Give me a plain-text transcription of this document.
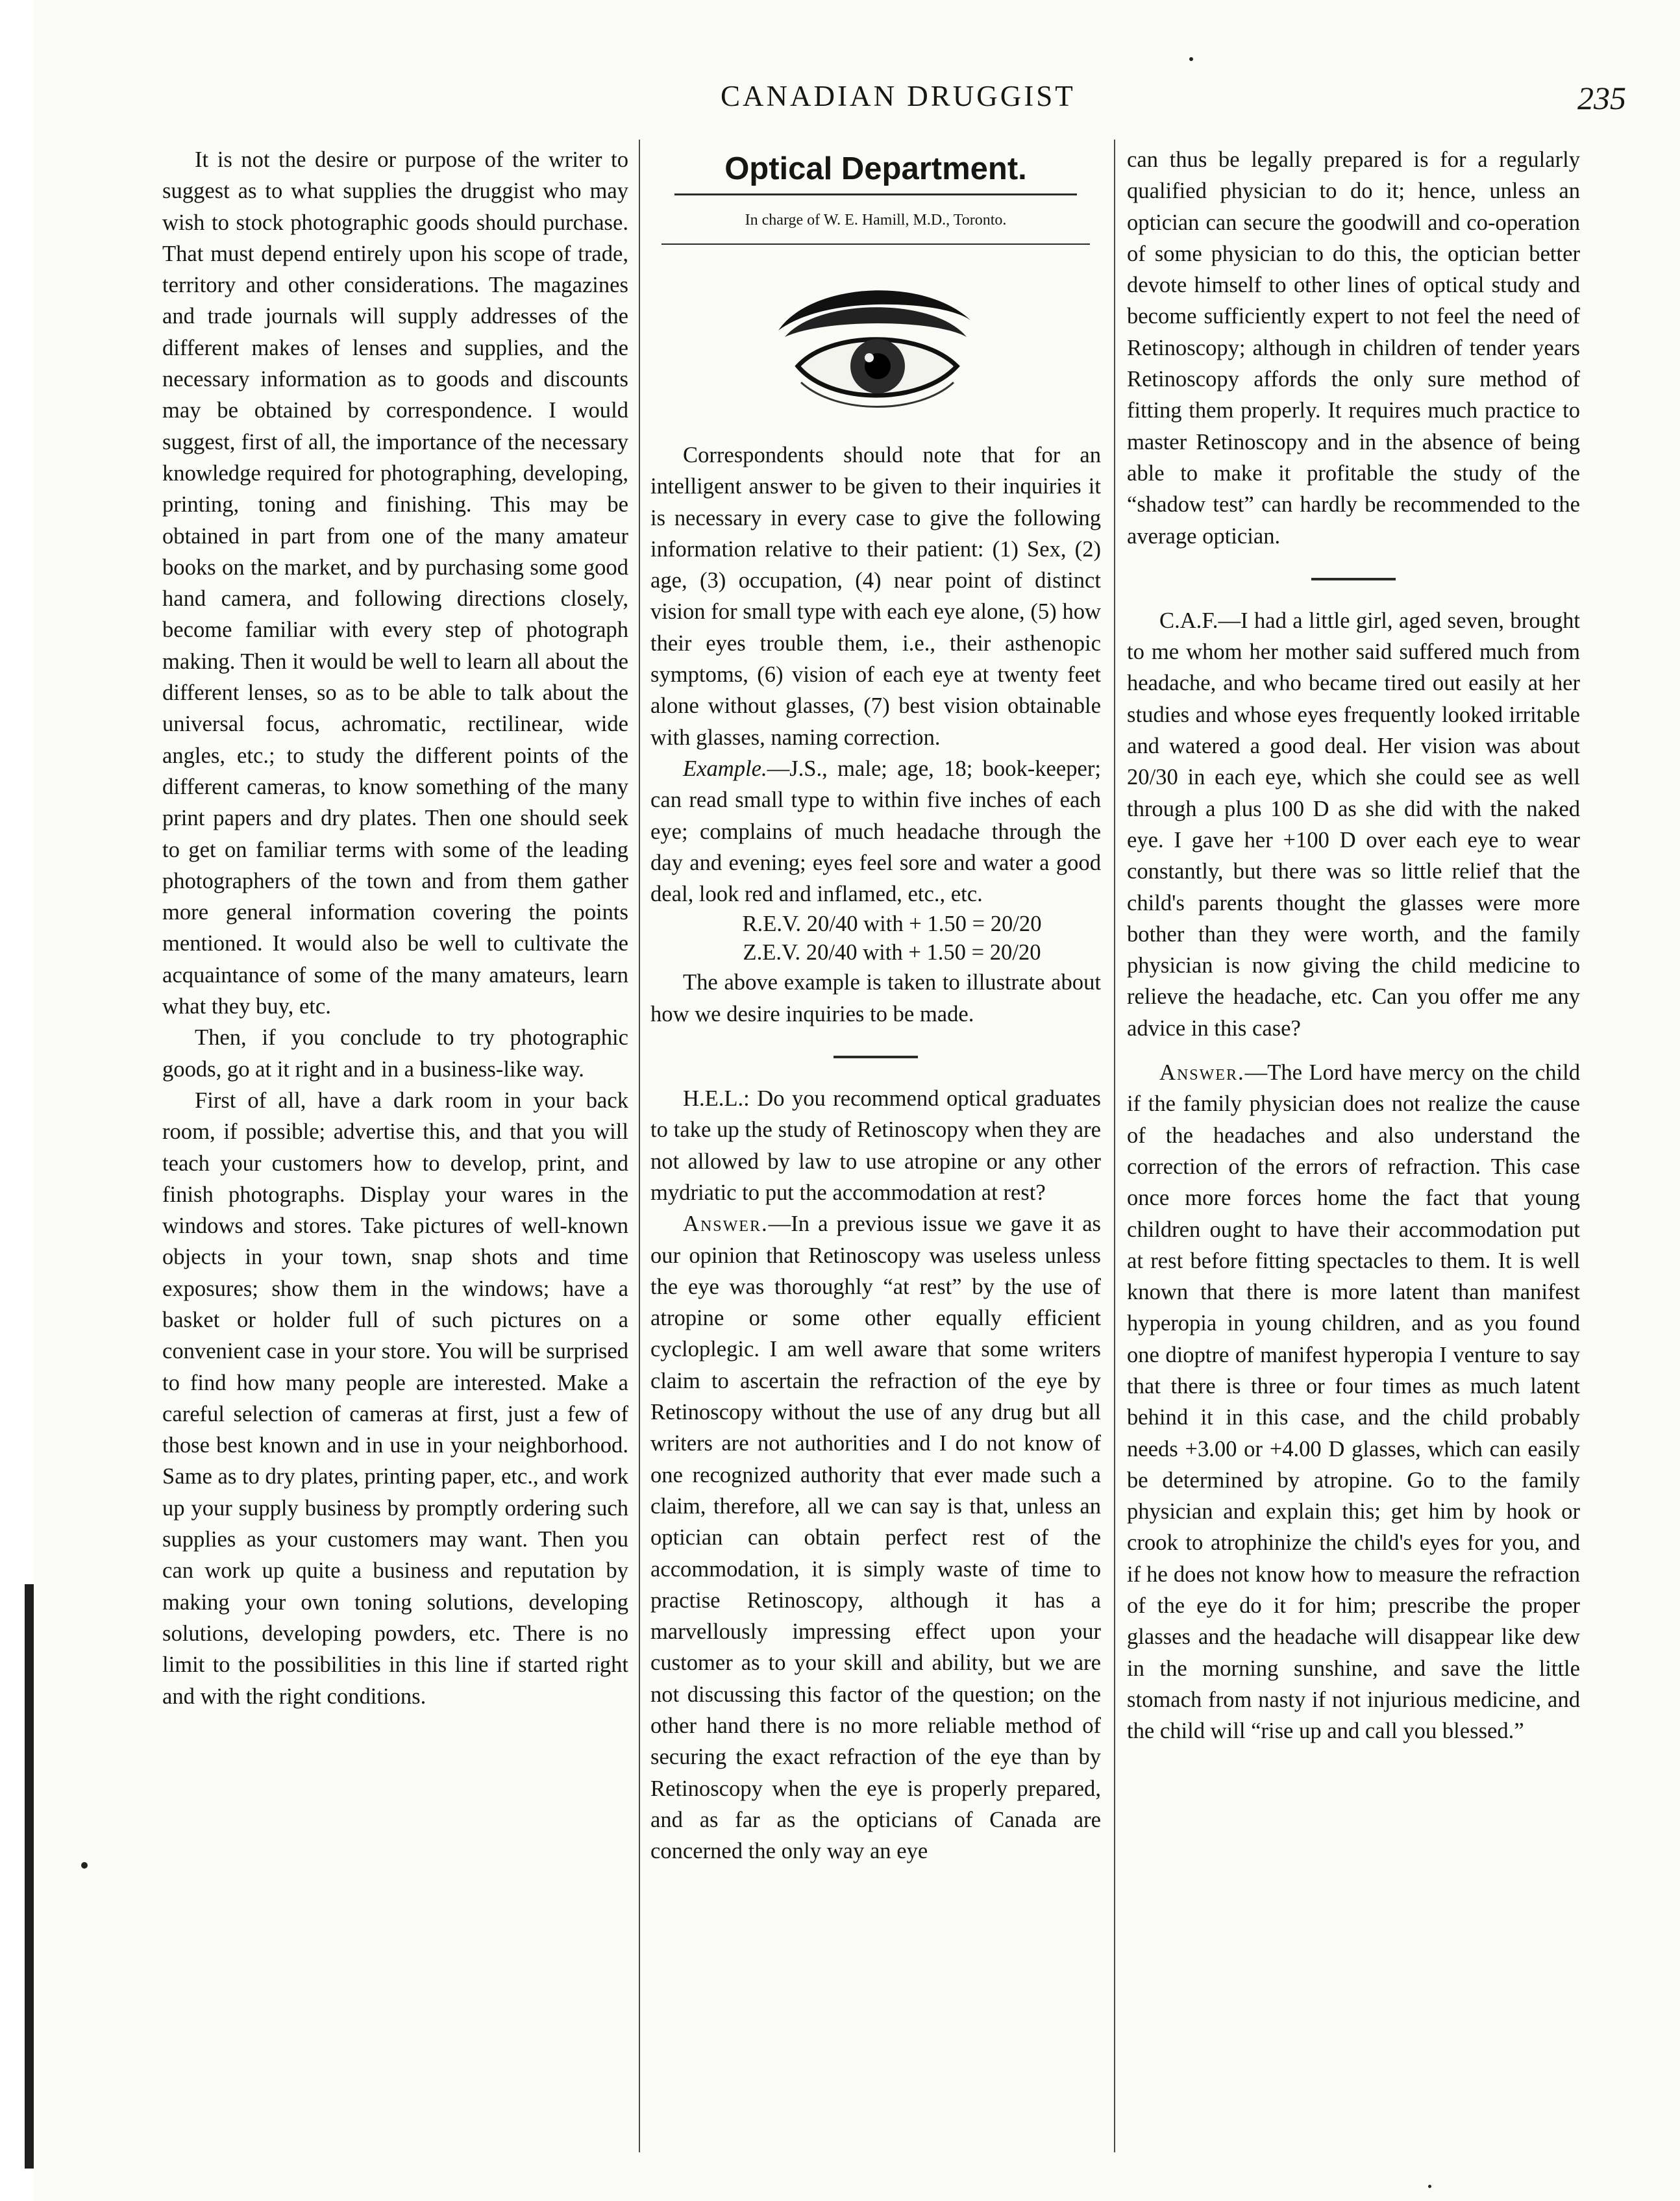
CANADIAN DRUGGIST	235

It is not the desire or purpose of the writer to suggest as to what supplies the druggist who may wish to stock photographic goods should purchase. That must depend entirely upon his scope of trade, territory and other considerations. The magazines and trade journals will supply addresses of the different makes of lenses and supplies, and the necessary information as to goods and discounts may be obtained by correspondence. I would suggest, first of all, the importance of the necessary knowledge required for photographing, developing, printing, toning and finishing. This may be obtained in part from one of the many amateur books on the market, and by purchasing some good hand camera, and following directions closely, become familiar with every step of photograph making. Then it would be well to learn all about the different lenses, so as to be able to talk about the universal focus, achromatic, rectilinear, wide angles, etc.; to study the different points of the different cameras, to know something of the many print papers and dry plates. Then one should seek to get on familiar terms with some of the leading photographers of the town and from them gather more general information covering the points mentioned. It would also be well to cultivate the acquaintance of some of the many amateurs, learn what they buy, etc.

Then, if you conclude to try photographic goods, go at it right and in a business-like way.

First of all, have a dark room in your back room, if possible; advertise this, and that you will teach your customers how to develop, print, and finish photographs. Display your wares in the windows and stores. Take pictures of well-known objects in your town, snap shots and time exposures; show them in the windows; have a basket or holder full of such pictures on a convenient case in your store. You will be surprised to find how many people are interested. Make a careful selection of cameras at first, just a few of those best known and in use in your neighborhood. Same as to dry plates, printing paper, etc., and work up your supply business by promptly ordering such supplies as your customers may want. Then you can work up quite a business and reputation by making your own toning solutions, developing solutions, developing powders, etc. There is no limit to the possibilities in this line if started right and with the right conditions.

Optical Department.
In charge of W. E. Hamill, M.D., Toronto.

Correspondents should note that for an intelligent answer to be given to their inquiries it is necessary in every case to give the following information relative to their patient: (1) Sex, (2) age, (3) occupation, (4) near point of distinct vision for small type with each eye alone, (5) how their eyes trouble them, i.e., their asthenopic symptoms, (6) vision of each eye at twenty feet alone without glasses, (7) best vision obtainable with glasses, naming correction.

Example.—J.S., male; age, 18; book-keeper; can read small type to within five inches of each eye; complains of much headache through the day and evening; eyes feel sore and water a good deal, look red and inflamed, etc., etc.

R.E.V. 20/40 with + 1.50 = 20/20

Z.E.V. 20/40 with + 1.50 = 20/20

The above example is taken to illustrate about how we desire inquiries to be made.

H.E.L.: Do you recommend optical graduates to take up the study of Retinoscopy when they are not allowed by law to use atropine or any other mydriatic to put the accommodation at rest?

Answer.—In a previous issue we gave it as our opinion that Retinoscopy was useless unless the eye was thoroughly “at rest” by the use of atropine or some other equally efficient cycloplegic. I am well aware that some writers claim to ascertain the refraction of the eye by Retinoscopy without the use of any drug but all writers are not authorities and I do not know of one recognized authority that ever made such a claim, therefore, all we can say is that, unless an optician can obtain perfect rest of the accommodation, it is simply waste of time to practise Retinoscopy, although it has a marvellously impressing effect upon your customer as to your skill and ability, but we are not discussing this factor of the question; on the other hand there is no more reliable method of securing the exact refraction of the eye than by Retinoscopy when the eye is properly prepared, and as far as the opticians of Canada are concerned the only way an eye

can thus be legally prepared is for a regularly qualified physician to do it; hence, unless an optician can secure the goodwill and co-operation of some physician to do this, the optician better devote himself to other lines of optical study and become sufficiently expert to not feel the need of Retinoscopy; although in children of tender years Retinoscopy affords the only sure method of fitting them properly. It requires much practice to master Retinoscopy and in the absence of being able to make it profitable the study of the “shadow test” can hardly be recommended to the average optician.

C.A.F.—I had a little girl, aged seven, brought to me whom her mother said suffered much from headache, and who became tired out easily at her studies and whose eyes frequently looked irritable and watered a good deal. Her vision was about 20/30 in each eye, which she could see as well through a plus 100 D as she did with the naked eye. I gave her +100 D over each eye to wear constantly, but there was so little relief that the child's parents thought the glasses were more bother than they were worth, and the family physician is now giving the child medicine to relieve the headache, etc. Can you offer me any advice in this case?

Answer.—The Lord have mercy on the child if the family physician does not realize the cause of the headaches and also understand the correction of the errors of refraction. This case once more forces home the fact that young children ought to have their accommodation put at rest before fitting spectacles to them. It is well known that there is more latent than manifest hyperopia in young children, and as you found one dioptre of manifest hyperopia I venture to say that there is three or four times as much latent behind it in this case, and the child probably needs +3.00 or +4.00 D glasses, which can easily be determined by atropine. Go to the family physician and explain this; get him by hook or crook to atrophinize the child's eyes for you, and if he does not know how to measure the refraction of the eye do it for him; prescribe the proper glasses and the headache will disappear like dew in the morning sunshine, and save the little stomach from nasty if not injurious medicine, and the child will “rise up and call you blessed.”
